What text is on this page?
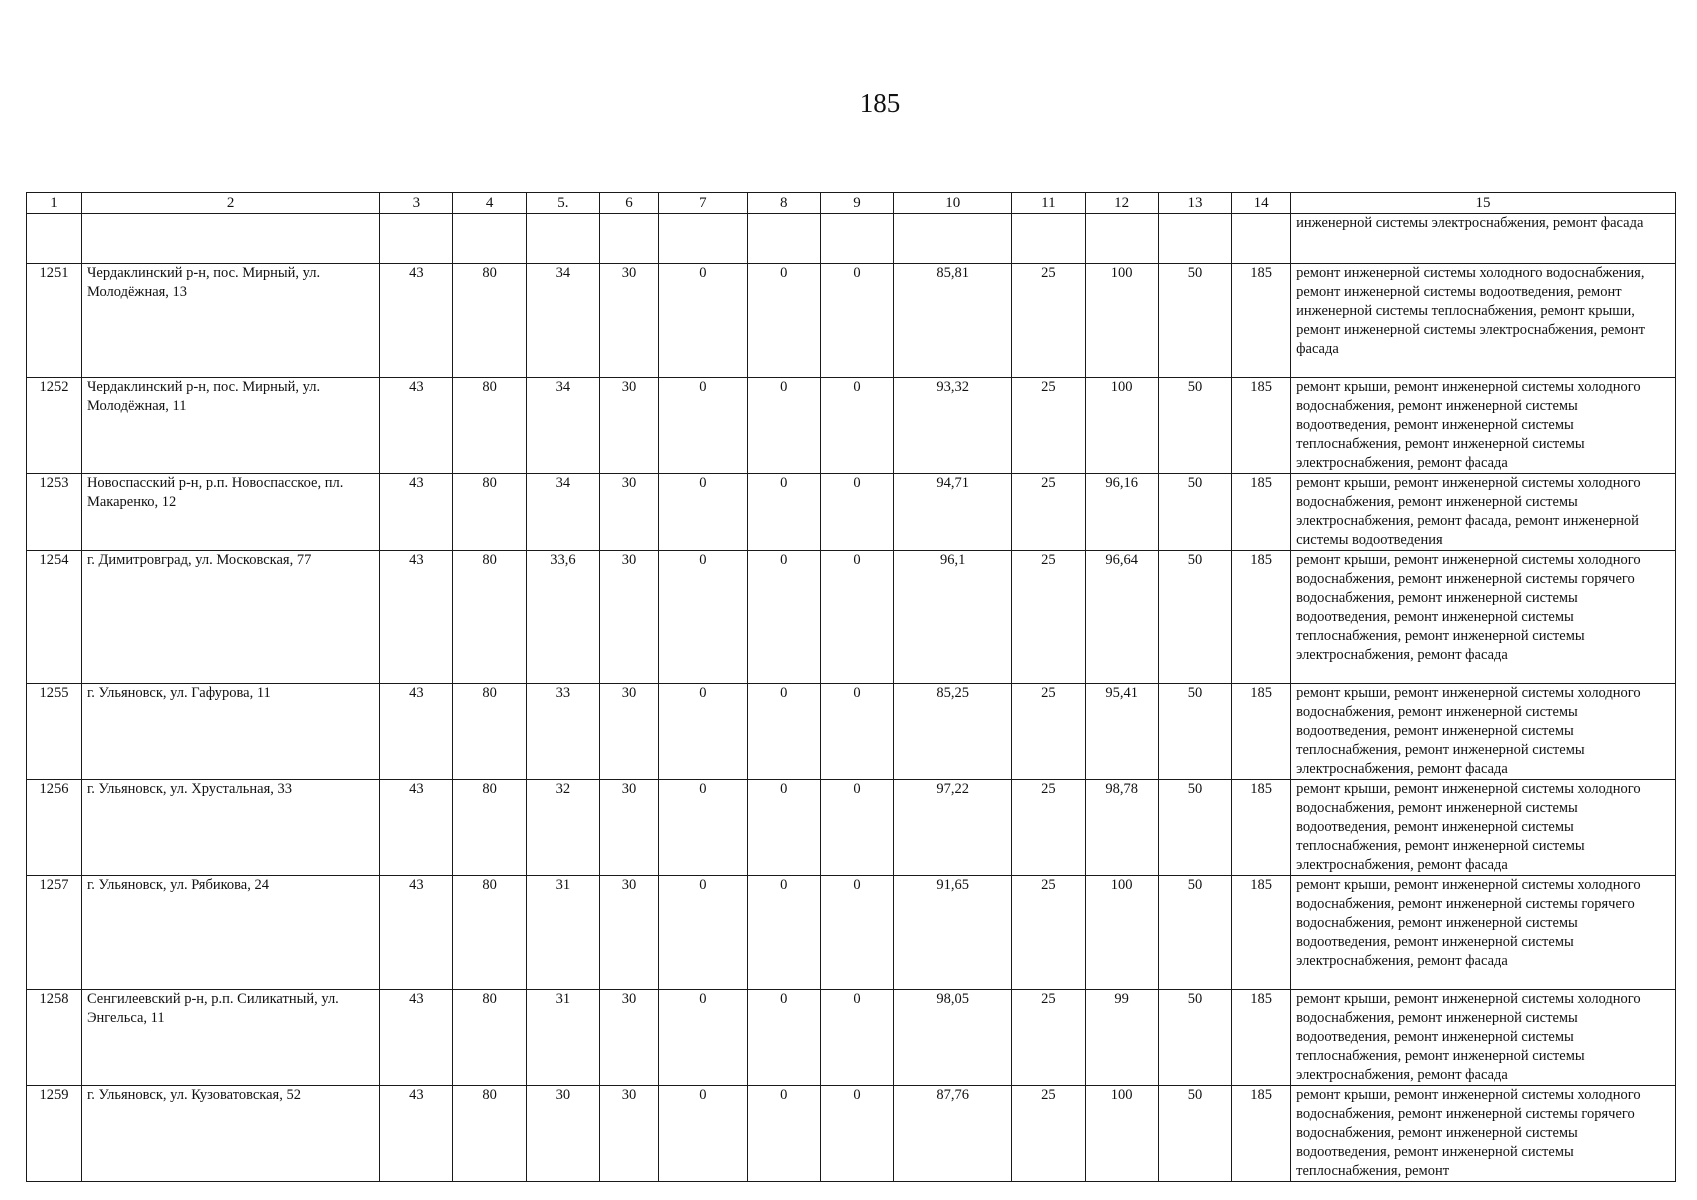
185
1	2	3	4	5.	6	7	8	9	10	11	12	13	14	15
														инженерной системы электроснабжения, ремонт фасада
1251	Чердаклинский р-н, пос. Мирный, ул. Молодёжная, 13	43	80	34	30	0	0	0	85,81	25	100	50	185	ремонт инженерной системы холодного водоснабжения, ремонт инженерной системы водоотведения, ремонт инженерной системы теплоснабжения, ремонт крыши, ремонт инженерной системы электроснабжения, ремонт фасада
1252	Чердаклинский р-н, пос. Мирный, ул. Молодёжная, 11	43	80	34	30	0	0	0	93,32	25	100	50	185	ремонт крыши, ремонт инженерной системы холодного водоснабжения, ремонт инженерной системы водоотведения, ремонт инженерной системы теплоснабжения, ремонт инженерной системы электроснабжения, ремонт фасада
1253	Новоспасский р-н, р.п. Новоспасское, пл. Макаренко, 12	43	80	34	30	0	0	0	94,71	25	96,16	50	185	ремонт крыши, ремонт инженерной системы холодного водоснабжения, ремонт инженерной системы электроснабжения, ремонт фасада, ремонт инженерной системы водоотведения
1254	г. Димитровград, ул. Московская, 77	43	80	33,6	30	0	0	0	96,1	25	96,64	50	185	ремонт крыши, ремонт инженерной системы холодного водоснабжения, ремонт инженерной системы горячего водоснабжения, ремонт инженерной системы водоотведения, ремонт инженерной системы теплоснабжения, ремонт инженерной системы электроснабжения, ремонт фасада
1255	г. Ульяновск, ул. Гафурова, 11	43	80	33	30	0	0	0	85,25	25	95,41	50	185	ремонт крыши, ремонт инженерной системы холодного водоснабжения, ремонт инженерной системы водоотведения, ремонт инженерной системы теплоснабжения, ремонт инженерной системы электроснабжения, ремонт фасада
1256	г. Ульяновск, ул. Хрустальная, 33	43	80	32	30	0	0	0	97,22	25	98,78	50	185	ремонт крыши, ремонт инженерной системы холодного водоснабжения, ремонт инженерной системы водоотведения, ремонт инженерной системы теплоснабжения, ремонт инженерной системы электроснабжения, ремонт фасада
1257	г. Ульяновск, ул. Рябикова, 24	43	80	31	30	0	0	0	91,65	25	100	50	185	ремонт крыши, ремонт инженерной системы холодного водоснабжения, ремонт инженерной системы горячего водоснабжения, ремонт инженерной системы водоотведения, ремонт инженерной системы электроснабжения, ремонт фасада
1258	Сенгилеевский р-н, р.п. Силикатный, ул. Энгельса, 11	43	80	31	30	0	0	0	98,05	25	99	50	185	ремонт крыши, ремонт инженерной системы холодного водоснабжения, ремонт инженерной системы водоотведения, ремонт инженерной системы теплоснабжения, ремонт инженерной системы электроснабжения, ремонт фасада
1259	г. Ульяновск, ул. Кузоватовская, 52	43	80	30	30	0	0	0	87,76	25	100	50	185	ремонт крыши, ремонт инженерной системы холодного водоснабжения, ремонт инженерной системы горячего водоснабжения, ремонт инженерной системы водоотведения, ремонт инженерной системы теплоснабжения, ремонт
